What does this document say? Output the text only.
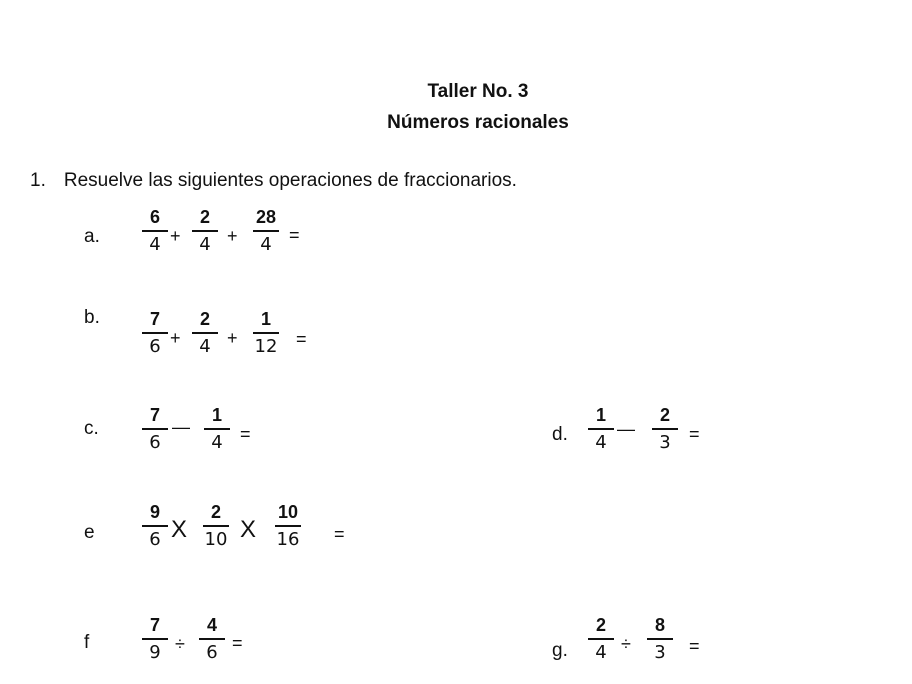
Taller No. 3
Números racionales
1. Resuelve las siguientes operaciones de fraccionarios.
a.
6
4 +
2
4 +
28
4 =
b.	7
6 +
2
4 +
1
12	=
c.
7
6
—
1
4 =	d.
1
4
—
2
3	=
e
9
6 X
2
10 X
10
16	=
f
7
9 ÷
4
6 =	g.
2
4 ÷
8
3	=
